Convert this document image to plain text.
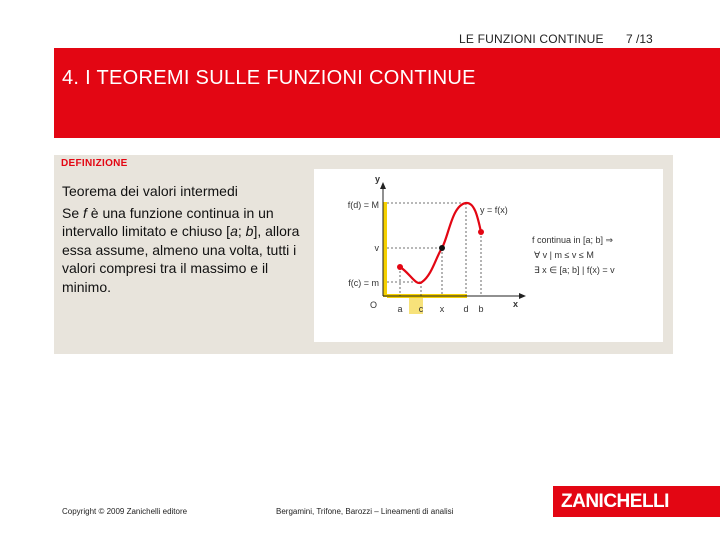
LE FUNZIONI CONTINUE 7 /13
4. I TEOREMI SULLE FUNZIONI CONTINUE
DEFINIZIONE
Teorema dei valori intermedi
Se f è una funzione continua in un intervallo limitato e chiuso [a; b], allora essa assume, almeno una volta, tutti i valori compresi tra il massimo e il minimo.
y
x
O
f(d) = M
v
f(c) = m
a c x d b
y = f(x)
f continua in [a; b] ⇒
∀ v | m ≤ v ≤ M
∃ x ∈ [a; b] | f(x) = v
Copyright © 2009 Zanichelli editore	Bergamini, Trifone, Barozzi – Lineamenti di analisi	ZANICHELLI
